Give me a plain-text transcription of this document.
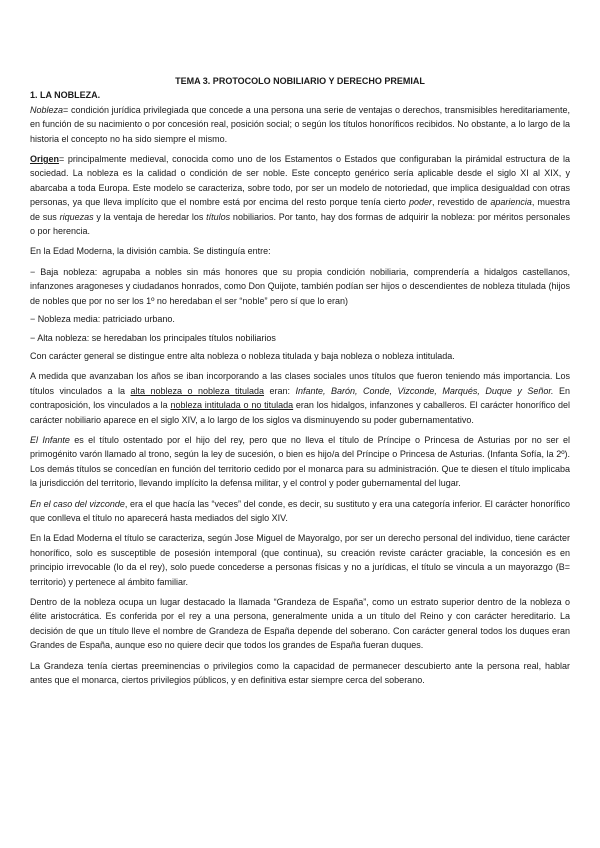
TEMA 3. PROTOCOLO NOBILIARIO Y DERECHO PREMIAL
1. LA NOBLEZA.

Nobleza= condición jurídica privilegiada que concede a una persona una serie de ventajas o derechos, transmisibles hereditariamente, en función de su nacimiento o por concesión real, posición social; o según los títulos honoríficos recibidos. No obstante, a lo largo de la historia el concepto no ha sido siempre el mismo.

Origen= principalmente medieval, conocida como uno de los Estamentos o Estados que configuraban la pirámidal estructura de la sociedad. La nobleza es la calidad o condición de ser noble. Este concepto genérico sería aplicable desde el siglo XI al XIX, y abarcaba a toda Europa. Este modelo se caracteriza, sobre todo, por ser un modelo de notoriedad, que implica desigualdad con otras personas, ya que lleva implícito que el nombre está por encima del resto porque tenía cierto poder, revestido de apariencia, muestra de sus riquezas y la ventaja de heredar los títulos nobiliarios. Por tanto, hay dos formas de adquirir la nobleza: por méritos personales o por herencia.

En la Edad Moderna, la división cambia. Se distinguía entre:

− Baja nobleza: agrupaba a nobles sin más honores que su propia condición nobiliaria, comprendería a hidalgos castellanos, infanzones aragoneses y ciudadanos honrados, como Don Quijote, también podían ser hijos o descendientes de nobleza titulada (hijos de nobles que por no ser los 1º no heredaban el ser “noble” pero sí que lo eran)
− Nobleza media: patriciado urbano.
− Alta nobleza: se heredaban los principales títulos nobiliarios

Con carácter general se distingue entre alta nobleza o nobleza titulada y baja nobleza o nobleza intitulada.

A medida que avanzaban los años se iban incorporando a las clases sociales unos títulos que fueron teniendo más importancia. Los títulos vinculados a la alta nobleza o nobleza titulada eran: Infante, Barón, Conde, Vizconde, Marqués, Duque y Señor. En contraposición, los vinculados a la nobleza intitulada o no titulada eran los hidalgos, infanzones y caballeros. El carácter honorífico del carácter nobiliario aparece en el siglo XIV, a lo largo de los siglos va disminuyendo su poder gubernamentativo.

El Infante es el título ostentado por el hijo del rey, pero que no lleva el título de Príncipe o Princesa de Asturias por no ser el primogénito varón llamado al trono, según la ley de sucesión, o bien es hijo/a del Príncipe o Princesa de Asturias. (Infanta Sofía, la 2º). Los demás títulos se concedían en función del territorio cedido por el monarca para su administración. Que te diesen el título implicaba la jurisdicción del territorio, llevando implícito la defensa militar, y el control y poder gubernamental del lugar.

En el caso del vizconde, era el que hacía las “veces” del conde, es decir, su sustituto y era una categoría inferior. El carácter honorífico que conlleva el título no aparecerá hasta mediados del siglo XIV.

En la Edad Moderna el título se caracteriza, según Jose Miguel de Mayoralgo, por ser un derecho personal del individuo, tiene carácter honorífico, solo es susceptible de posesión intemporal (que continua), su creación reviste carácter graciable, la concesión es en principio irrevocable (lo da el rey), solo puede concederse a personas físicas y no a jurídicas, el título se vincula a un mayorazgo (B= territorio) y pertenece al ámbito familiar.

Dentro de la nobleza ocupa un lugar destacado la llamada “Grandeza de España”, como un estrato superior dentro de la nobleza o élite aristocrática. Es conferida por el rey a una persona, generalmente unida a un título del Reino y con carácter hereditario. La decisión de que un título lleve el nombre de Grandeza de España depende del soberano. Con carácter general todos los duques eran Grandes de España, aunque eso no quiere decir que todos los grandes de España fueran duques.

La Grandeza tenía ciertas preeminencias o privilegios como la capacidad de permanecer descubierto ante la persona real, hablar antes que el monarca, ciertos privilegios públicos, y en definitiva estar siempre cerca del soberano.
